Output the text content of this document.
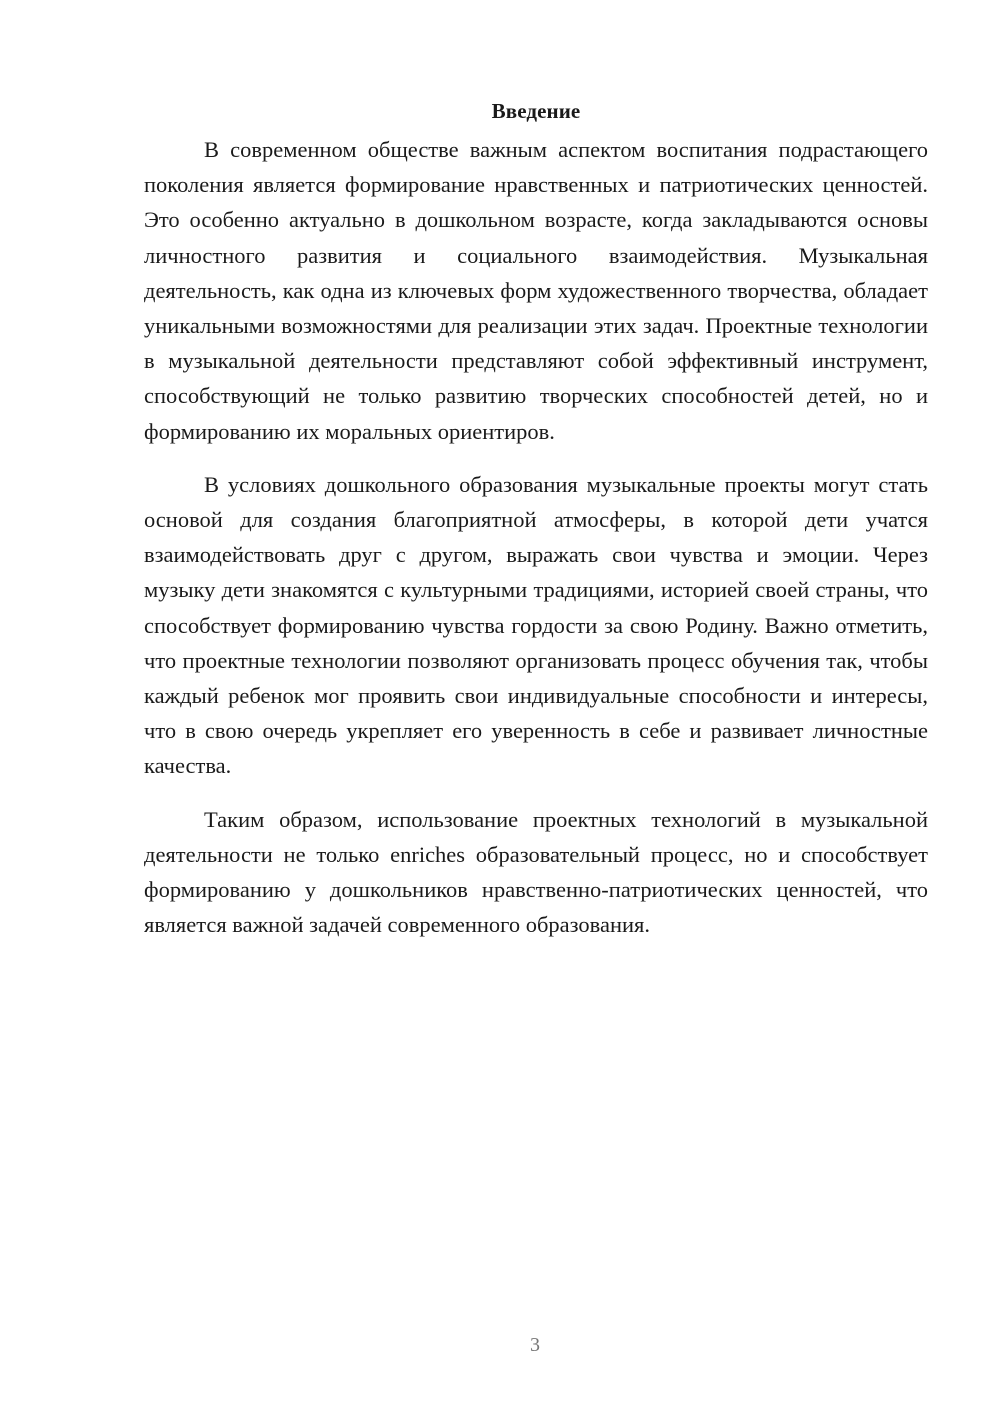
Введение

В современном обществе важным аспектом воспитания подрастающего поколения является формирование нравственных и патриотических ценностей. Это особенно актуально в дошкольном возрасте, когда закладываются основы личностного развития и социального взаимодействия. Музыкальная деятельность, как одна из ключевых форм художественного творчества, обладает уникальными возможностями для реализации этих задач. Проектные технологии в музыкальной деятельности представляют собой эффективный инструмент, способствующий не только развитию творческих способностей детей, но и формированию их моральных ориентиров.

В условиях дошкольного образования музыкальные проекты могут стать основой для создания благоприятной атмосферы, в которой дети учатся взаимодействовать друг с другом, выражать свои чувства и эмоции. Через музыку дети знакомятся с культурными традициями, историей своей страны, что способствует формированию чувства гордости за свою Родину. Важно отметить, что проектные технологии позволяют организовать процесс обучения так, чтобы каждый ребенок мог проявить свои индивидуальные способности и интересы, что в свою очередь укрепляет его уверенность в себе и развивает личностные качества.

Таким образом, использование проектных технологий в музыкальной деятельности не только enriches образовательный процесс, но и способствует формированию у дошкольников нравственно-патриотических ценностей, что является важной задачей современного образования.

3
